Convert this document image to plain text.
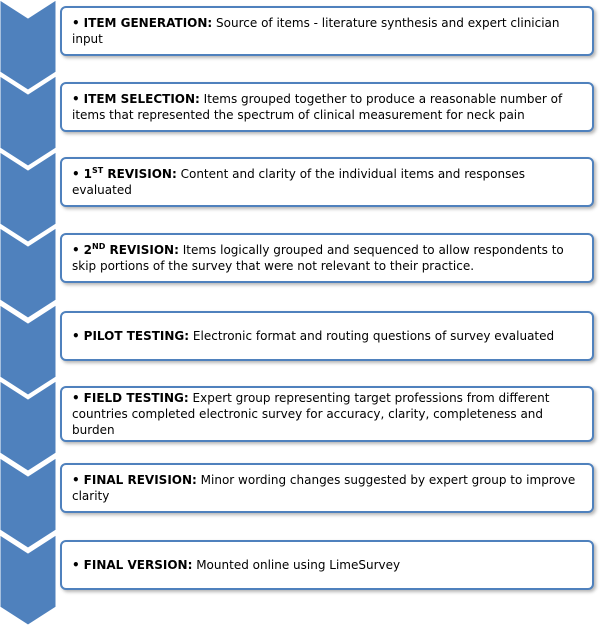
• ITEM GENERATION: Source of items - literature synthesis and expert clinician input
• ITEM SELECTION: Items grouped together to produce a reasonable number of items that represented the spectrum of clinical measurement for neck pain
• 1ST REVISION: Content and clarity of the individual items and responses evaluated
• 2ND REVISION: Items logically grouped and sequenced to allow respondents to skip portions of the survey that were not relevant to their practice.
• PILOT TESTING: Electronic format and routing questions of survey evaluated
• FIELD TESTING: Expert group representing target professions from different countries completed electronic survey for accuracy, clarity, completeness and burden
• FINAL REVISION: Minor wording changes suggested by expert group to improve clarity
• FINAL VERSION: Mounted online using LimeSurvey
